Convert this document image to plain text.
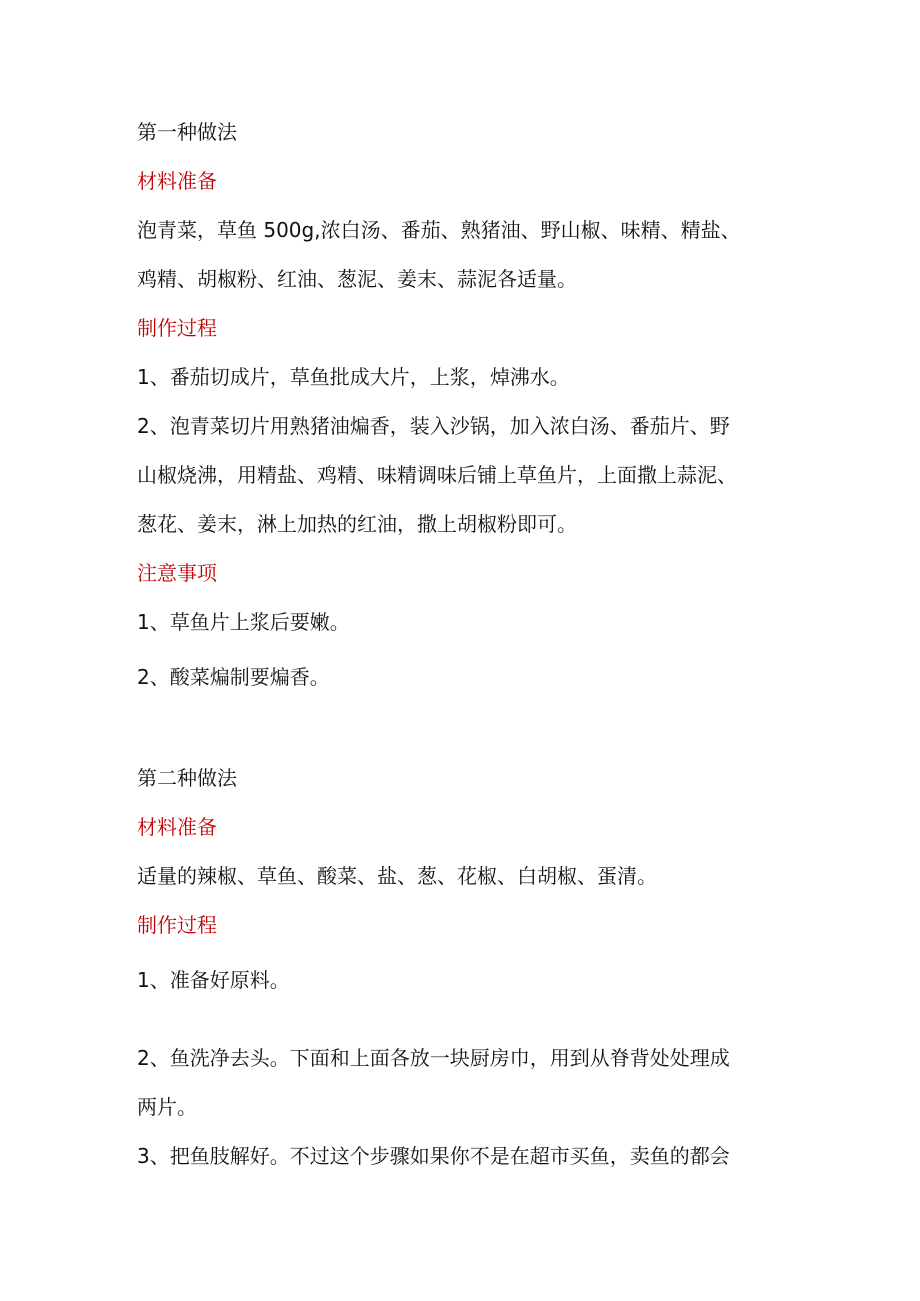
第一种做法
材料准备
泡青菜，草鱼 500g,浓白汤、番茄、熟猪油、野山椒、味精、精盐、
鸡精、胡椒粉、红油、葱泥、姜末、蒜泥各适量。
制作过程
1、番茄切成片，草鱼批成大片，上浆，焯沸水。
2、泡青菜切片用熟猪油煸香，装入沙锅，加入浓白汤、番茄片、野
山椒烧沸，用精盐、鸡精、味精调味后铺上草鱼片，上面撒上蒜泥、
葱花、姜末，淋上加热的红油，撒上胡椒粉即可。
注意事项
1、草鱼片上浆后要嫩。
2、酸菜煸制要煸香。
第二种做法
材料准备
适量的辣椒、草鱼、酸菜、盐、葱、花椒、白胡椒、蛋清。
制作过程
1、准备好原料。
2、鱼洗净去头。下面和上面各放一块厨房巾，用到从脊背处处理成
两片。
3、把鱼肢解好。不过这个步骤如果你不是在超市买鱼，卖鱼的都会
